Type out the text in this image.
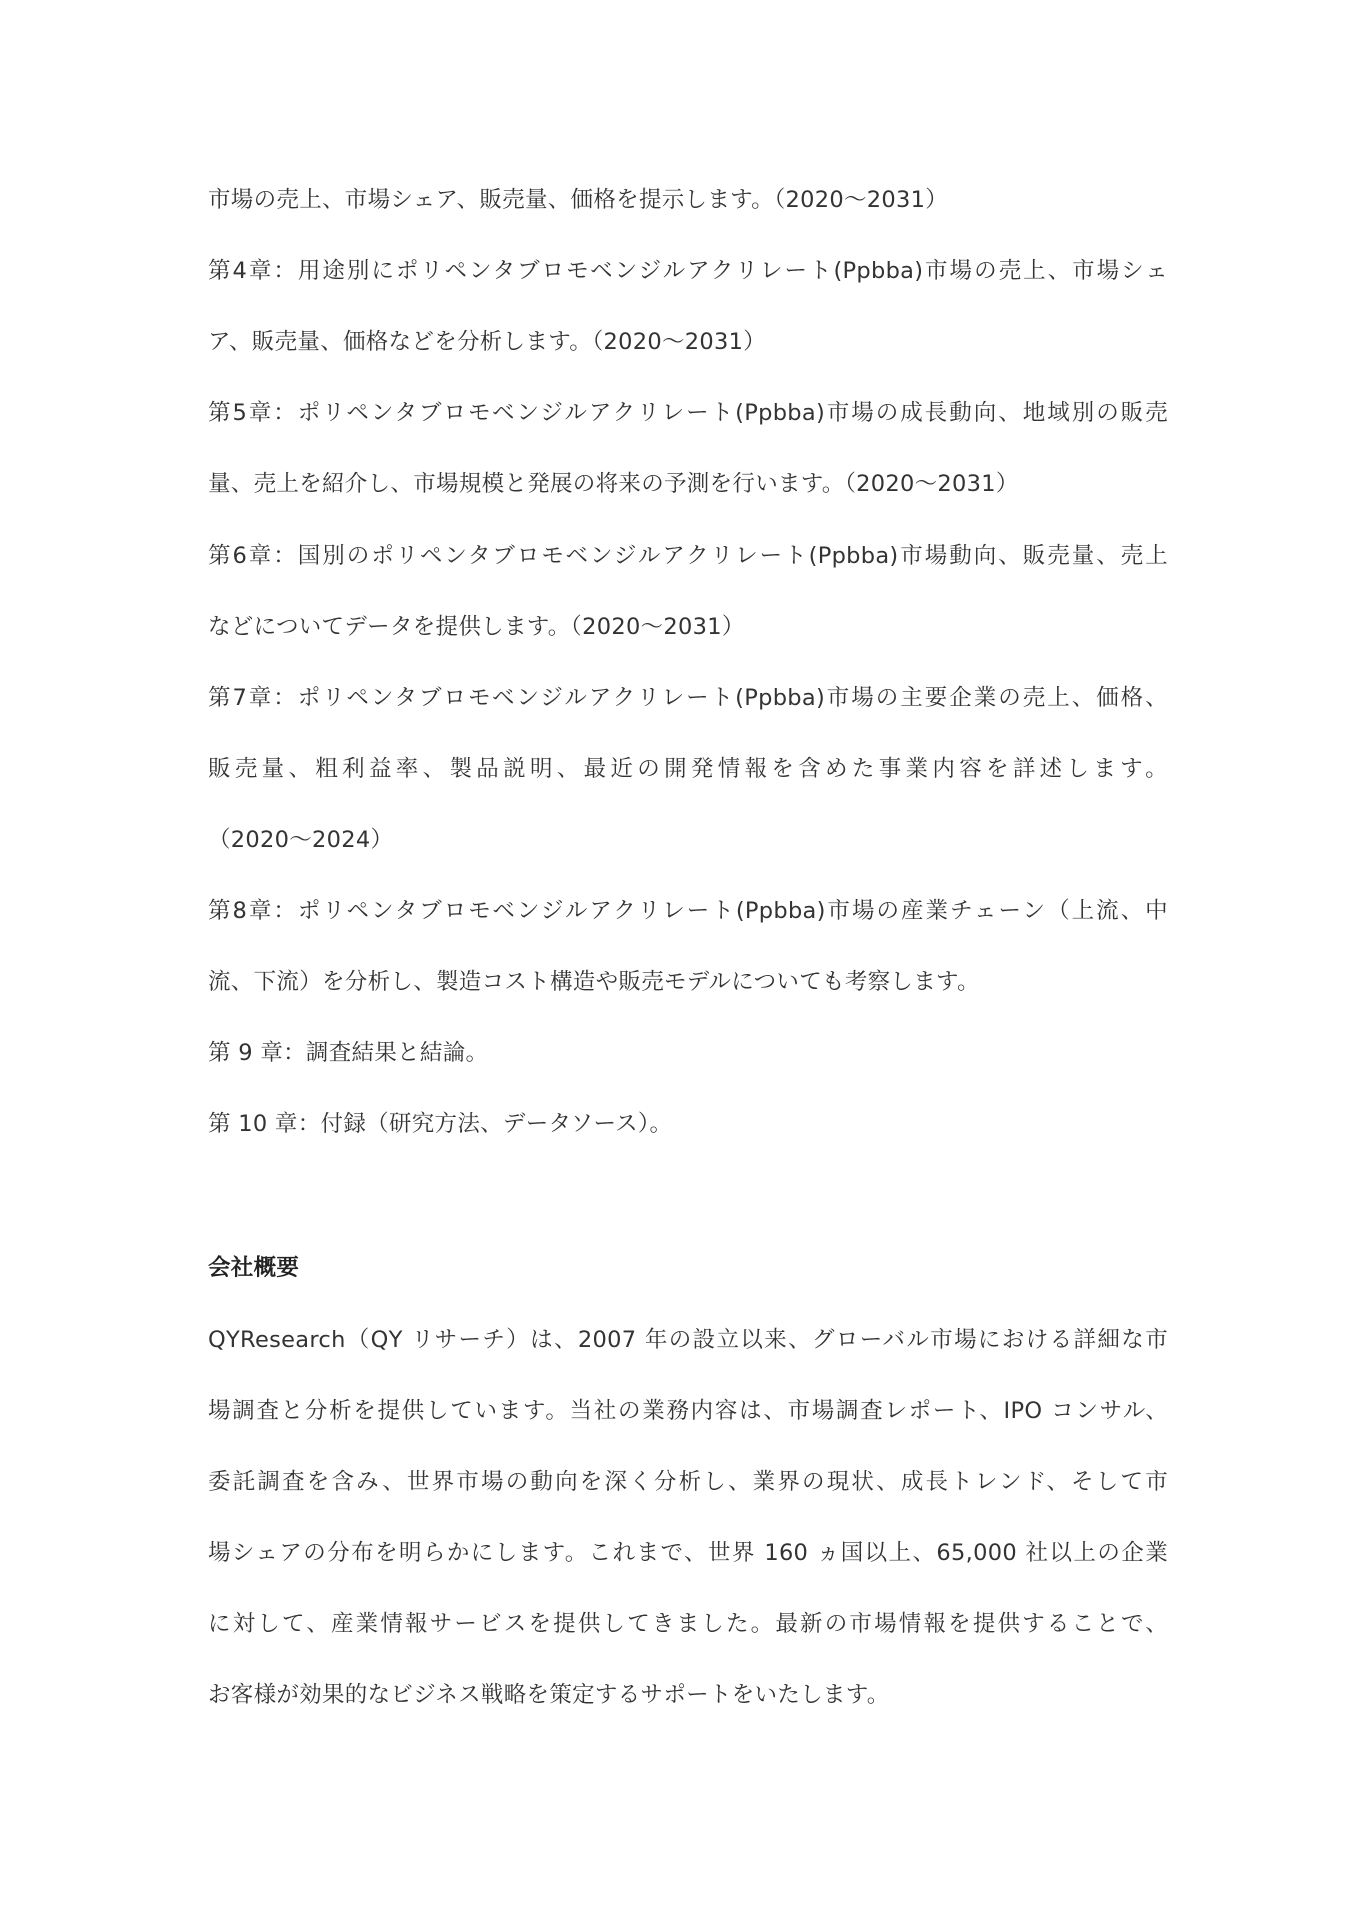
市場の売上、市場シェア、販売量、価格を提示します。（2020～2031）
第4章：用途別にポリペンタブロモベンジルアクリレート(Ppbba)市場の売上、市場シェ
ア、販売量、価格などを分析します。（2020～2031）
第5章：ポリペンタブロモベンジルアクリレート(Ppbba)市場の成長動向、地域別の販売
量、売上を紹介し、市場規模と発展の将来の予測を行います。（2020～2031）
第6章：国別のポリペンタブロモベンジルアクリレート(Ppbba)市場動向、販売量、売上
などについてデータを提供します。（2020～2031）
第7章：ポリペンタブロモベンジルアクリレート(Ppbba)市場の主要企業の売上、価格、
販売量、粗利益率、製品説明、最近の開発情報を含めた事業内容を詳述します。
（2020～2024）
第8章：ポリペンタブロモベンジルアクリレート(Ppbba)市場の産業チェーン（上流、中
流、下流）を分析し、製造コスト構造や販売モデルについても考察します。
第 9 章：調査結果と結論。
第 10 章：付録（研究方法、データソース）。
会社概要
QYResearch（QY リサーチ）は、2007 年の設立以来、グローバル市場における詳細な市
場調査と分析を提供しています。当社の業務内容は、市場調査レポート、IPO コンサル、
委託調査を含み、世界市場の動向を深く分析し、業界の現状、成長トレンド、そして市
場シェアの分布を明らかにします。これまで、世界 160 ヵ国以上、65,000 社以上の企業
に対して、産業情報サービスを提供してきました。最新の市場情報を提供することで、
お客様が効果的なビジネス戦略を策定するサポートをいたします。
